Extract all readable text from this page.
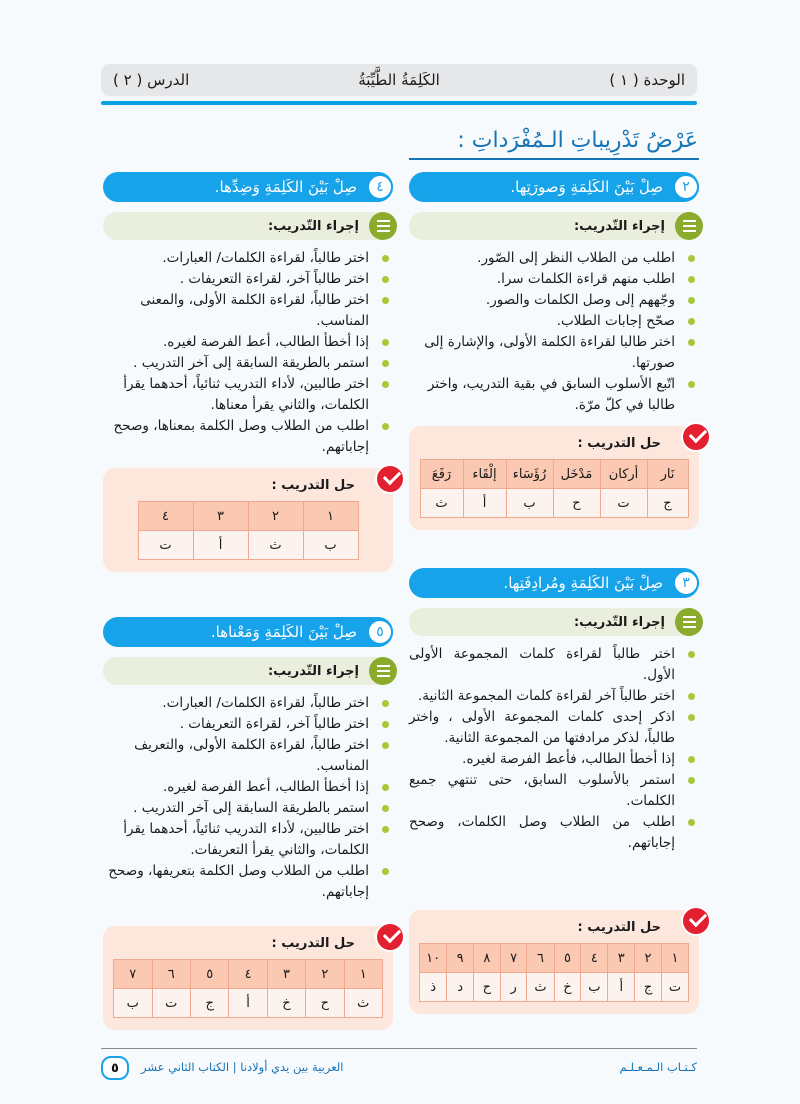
الوحدة ( ١ )
الكَلِمَةُ الطَّيِّبَةُ
الدرس ( ٢ )
عَرْضُ تَدْرِيباتِ الـمُفْرَداتِ :
٢
صِلْ بَيْنَ الكَلِمَةِ وَصورَتِها.
إجراء التّدريب:
اطلب من الطلاب النظر إلى الصّور.
اطلب منهم قراءة الكلمات سرا.
وجّههم إلى وصل الكلمات والصور.
صحّح إجابات الطلاب.
اختر طالبا لقراءة الكلمة الأولى، والإشارة إلى صورتها.
اتّبع الأسلوب السابق في بقية التدريب، واختر طالبا في كلّ مرّة.
حل التدريب :
نَار	أركان	مَدْخَل	رُؤَسَاء	إلْقَاء	رَفَعَ
ج	ت	ح	ب	أ	ث
٣
صِلْ بَيْنَ الكَلِمَةِ ومُرادِفَتِها.
إجراء التّدريب:
اختر طالباً لقراءة كلمات المجموعة الأولى الأول.
اختر طالباً آخر لقراءة كلمات المجموعة الثانية.
اذكر إحدى كلمات المجموعة الأولى ، واختر طالباً، لذكر مرادفتها من المجموعة الثانية.
إذا أخطأ الطالب، فأعط الفرصة لغيره.
استمر بالأسلوب السابق، حتى تنتهي جميع الكلمات.
اطلب من الطلاب وصل الكلمات، وصحح إجاباتهم.
حل التدريب :
١	٢	٣	٤	٥	٦	٧	٨	٩	١٠
ت	ج	أ	ب	خ	ث	ر	ح	د	ذ
٤
صِلْ بَيْنَ الكَلِمَةِ وَضِدِّها.
إجراء التّدريب:
اختر طالباً، لقراءة الكلمات/ العبارات.
اختر طالباً آخر، لقراءة التعريفات .
اختر طالباً، لقراءة الكلمة الأولى، والمعنى المناسب.
إذا أخطأ الطالب، أعط الفرصة لغيره.
استمر بالطريقة السابقة إلى آخر التدريب .
اختر طالبين، لأداء التدريب ثنائياً، أحدهما يقرأ الكلمات، والثاني يقرأ معناها.
اطلب من الطلاب وصل الكلمة بمعناها، وصحح إجاباتهم.
حل التدريب :
١	٢	٣	٤
ب	ث	أ	ت
٥
صِلْ بَيْنَ الكَلِمَةِ وَمَعْناها.
إجراء التّدريب:
اختر طالباً، لقراءة الكلمات/ العبارات.
اختر طالباً آخر، لقراءة التعريفات .
اختر طالباً، لقراءة الكلمة الأولى، والتعريف المناسب.
إذا أخطأ الطالب، أعط الفرصة لغيره.
استمر بالطريقة السابقة إلى آخر التدريب .
اختر طالبين، لأداء التدريب ثنائياً، أحدهما يقرأ الكلمات، والثاني يقرأ التعريفات.
اطلب من الطلاب وصل الكلمة بتعريفها، وصحح إجاباتهم.
حل التدريب :
١	٢	٣	٤	٥	٦	٧
ث	ح	خ	أ	ج	ت	ب
كـتـاب الـمـعـلـم
العربية بين يدي أولادنا | الكتاب الثاني عشر
٥
